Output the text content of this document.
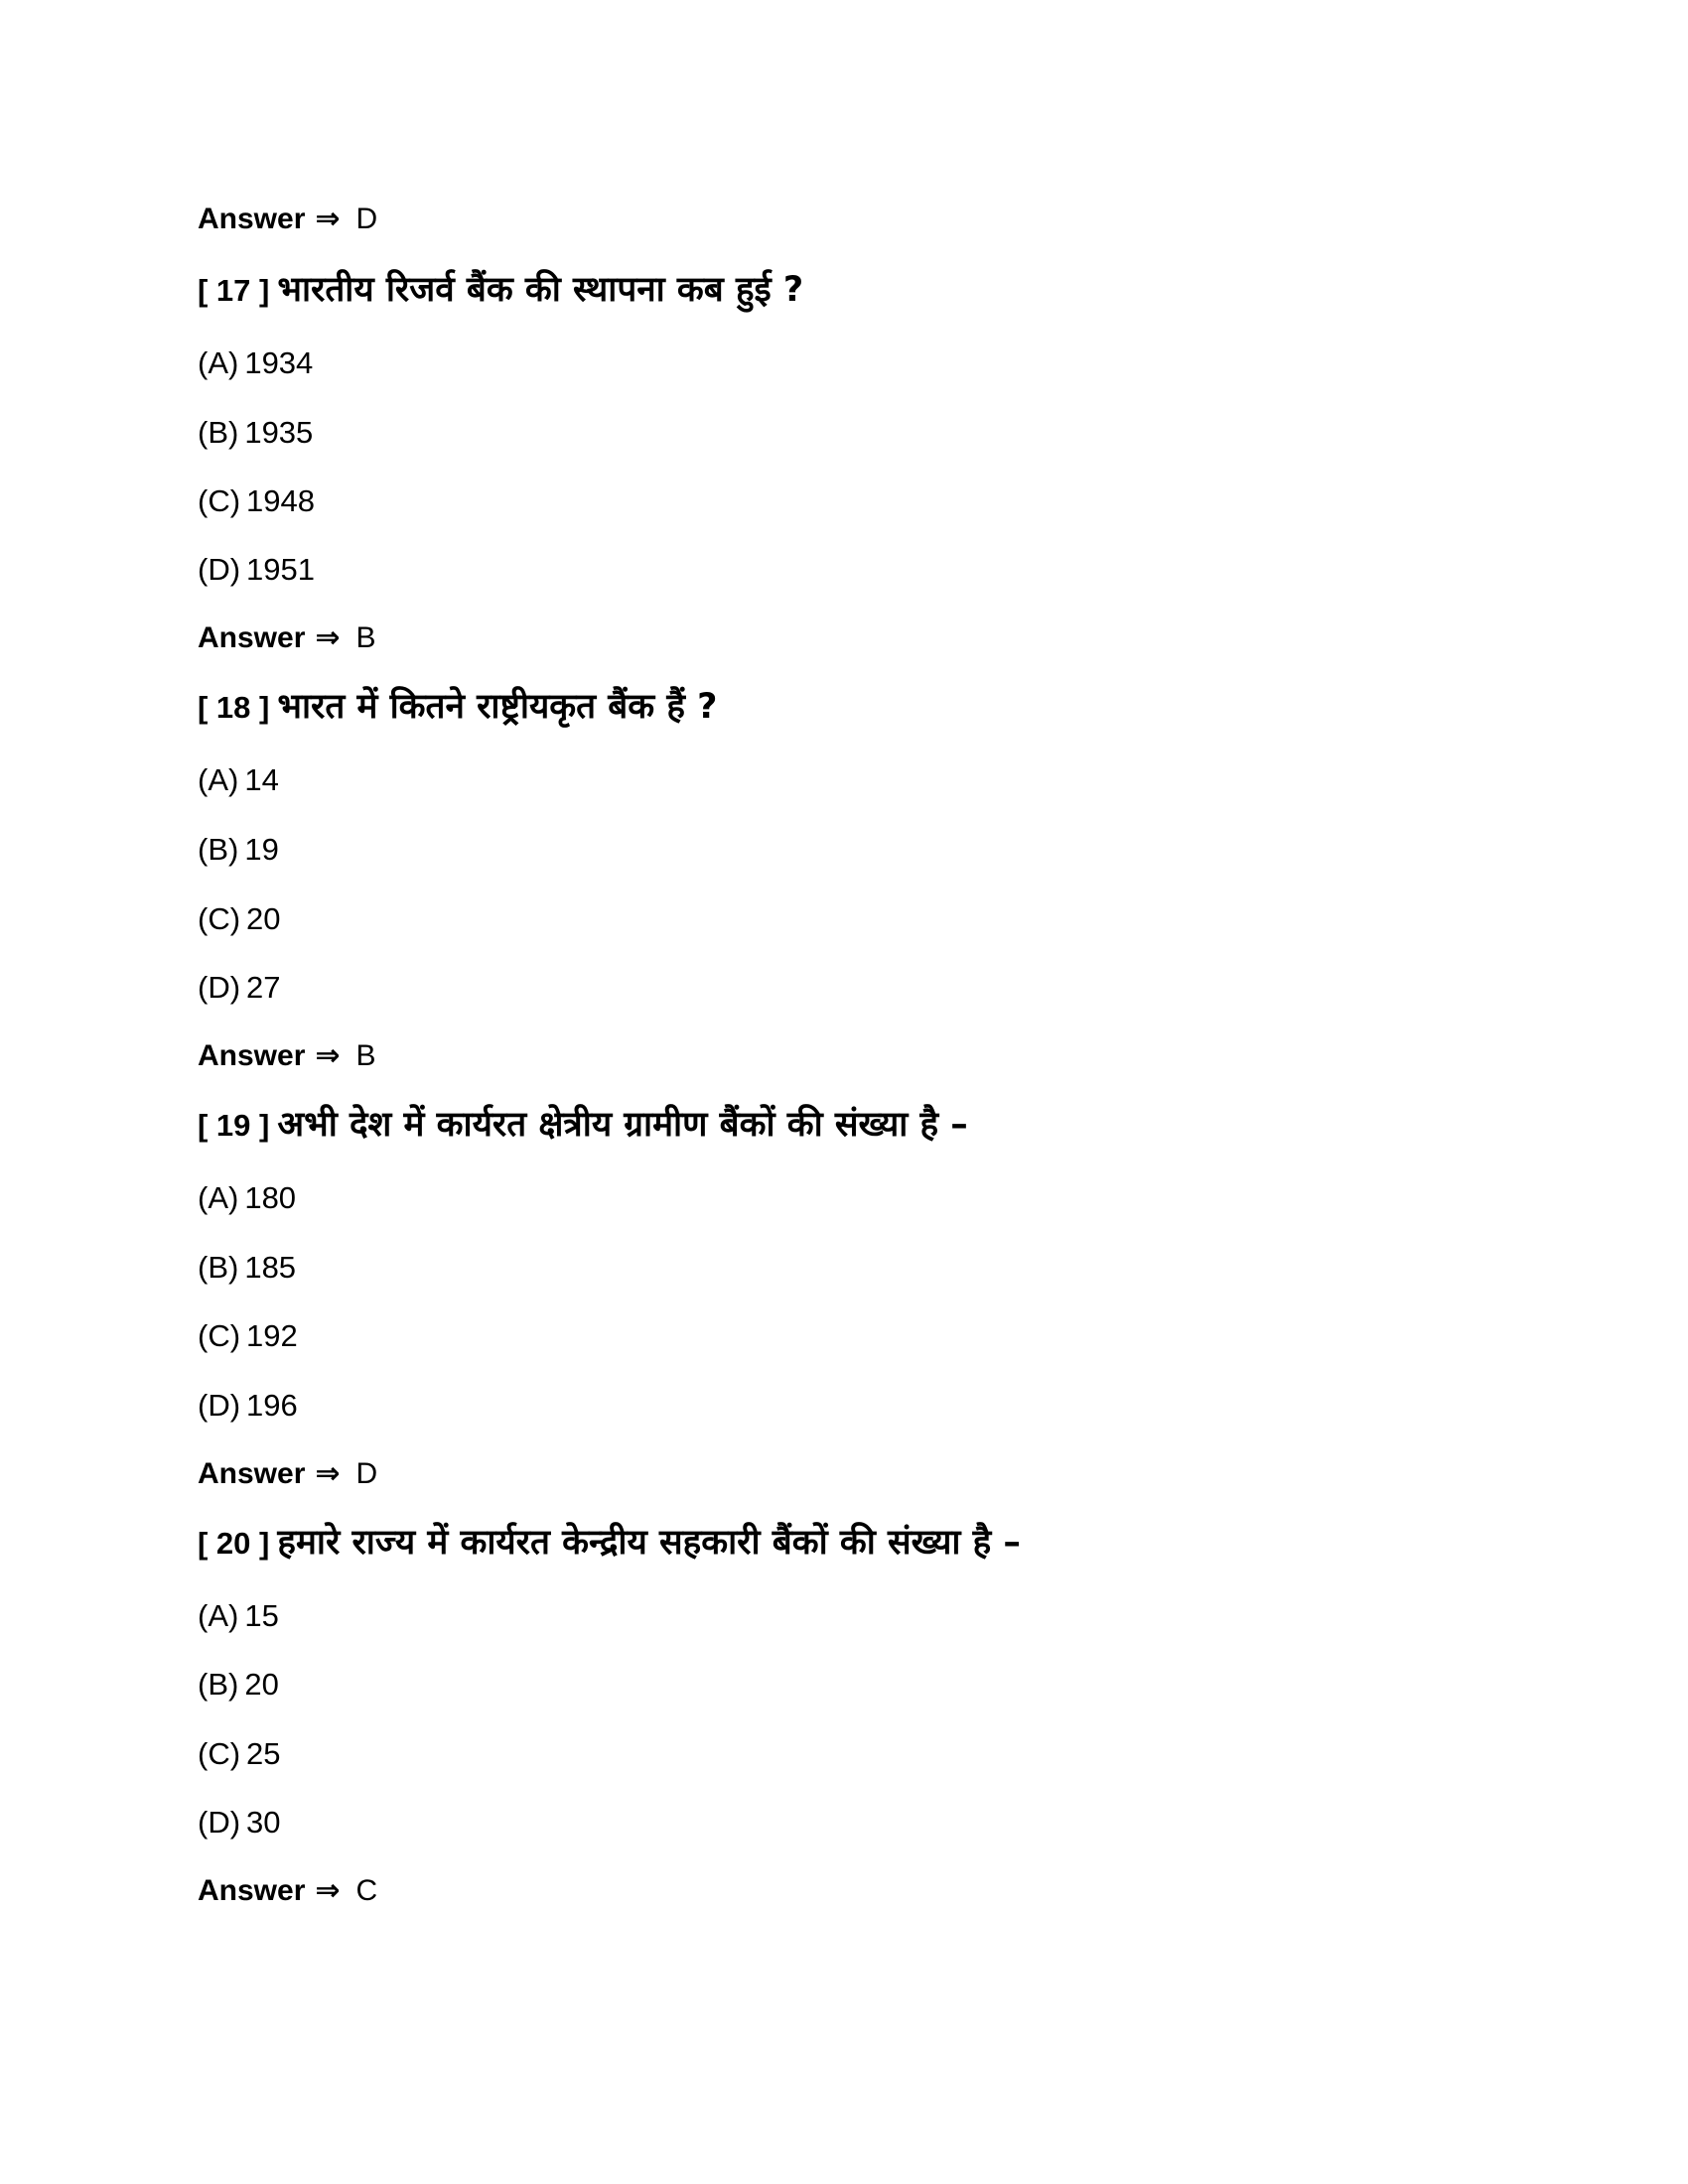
Answer ⇒ D
[ 17 ] भारतीय रिजर्व बैंक की स्थापना कब हुई ?
(A) 1934
(B) 1935
(C) 1948
(D) 1951
Answer ⇒ B
[ 18 ] भारत में कितने राष्ट्रीयकृत बैंक हैं ?
(A) 14
(B) 19
(C) 20
(D) 27
Answer ⇒ B
[ 19 ] अभी देश में कार्यरत क्षेत्रीय ग्रामीण बैंकों की संख्या है –
(A) 180
(B) 185
(C) 192
(D) 196
Answer ⇒ D
[ 20 ] हमारे राज्य में कार्यरत केन्द्रीय सहकारी बैंकों की संख्या है –
(A) 15
(B) 20
(C) 25
(D) 30
Answer ⇒ C
